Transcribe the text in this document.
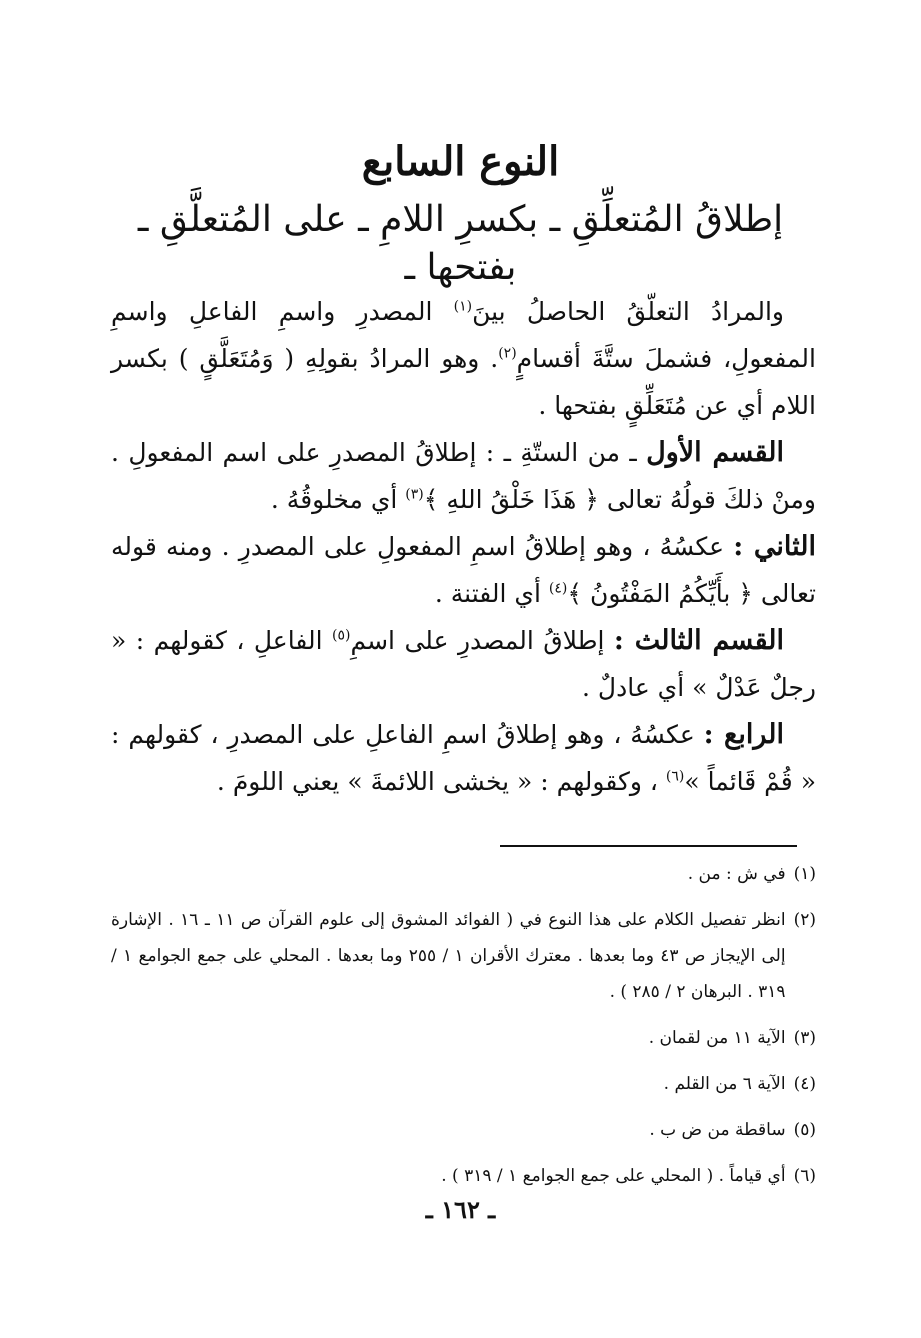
النوع السابع
إطلاقُ المُتعلِّقِ ـ بكسرِ اللامِ ـ على المُتعلَّقِ ـ بفتحها ـ

والمرادُ التعلّقُ الحاصلُ بينَ$^{(١)}$ المصدرِ واسمِ الفاعلِ واسمِ المفعولِ، فشملَ ستَّةَ أقسامٍ$^{(٢)}$. وهو المرادُ بقولِهِ ( وَمُتَعَلَّقٍ ) بكسر اللام أي عن مُتَعَلِّقٍ بفتحها .

القسم الأول ـ من الستّةِ ـ : إطلاقُ المصدرِ على اسم المفعولِ . ومنْ ذلكَ قولُهُ تعالى ﴿ هَذَا خَلْقُ اللهِ ﴾$^{(٣)}$ أي مخلوقُهُ .

الثاني : عكسُهُ ، وهو إطلاقُ اسمِ المفعولِ على المصدرِ . ومنه قوله تعالى ﴿ بأَيِّكُمُ المَفْتُونُ ﴾$^{(٤)}$ أي الفتنة .

القسم الثالث : إطلاقُ المصدرِ على اسمِ$^{(٥)}$ الفاعلِ ، كقولهم : « رجلٌ عَدْلٌ » أي عادلٌ .

الرابع : عكسُهُ ، وهو إطلاقُ اسمِ الفاعلِ على المصدرِ ، كقولهم : « قُمْ قَائماً »$^{(٦)}$ ، وكقولهم : « يخشى اللائمةَ » يعني اللومَ .

(١)
في ش : من .
(٢)
انظر تفصيل الكلام على هذا النوع في ( الفوائد المشوق إلى علوم القرآن ص ١١ ـ ١٦ . الإشارة إلى الإيجاز ص ٤٣ وما بعدها . معترك الأقران ١ / ٢٥٥ وما بعدها . المحلي على جمع الجوامع ١ / ٣١٩ . البرهان ٢ / ٢٨٥ ) .
(٣)
الآية ١١ من لقمان .
(٤)
الآية ٦ من القلم .
(٥)
ساقطة من ض ب .
(٦)
أي قياماً . ( المحلي على جمع الجوامع ١ / ٣١٩ ) .
ـ ١٦٢ ـ
